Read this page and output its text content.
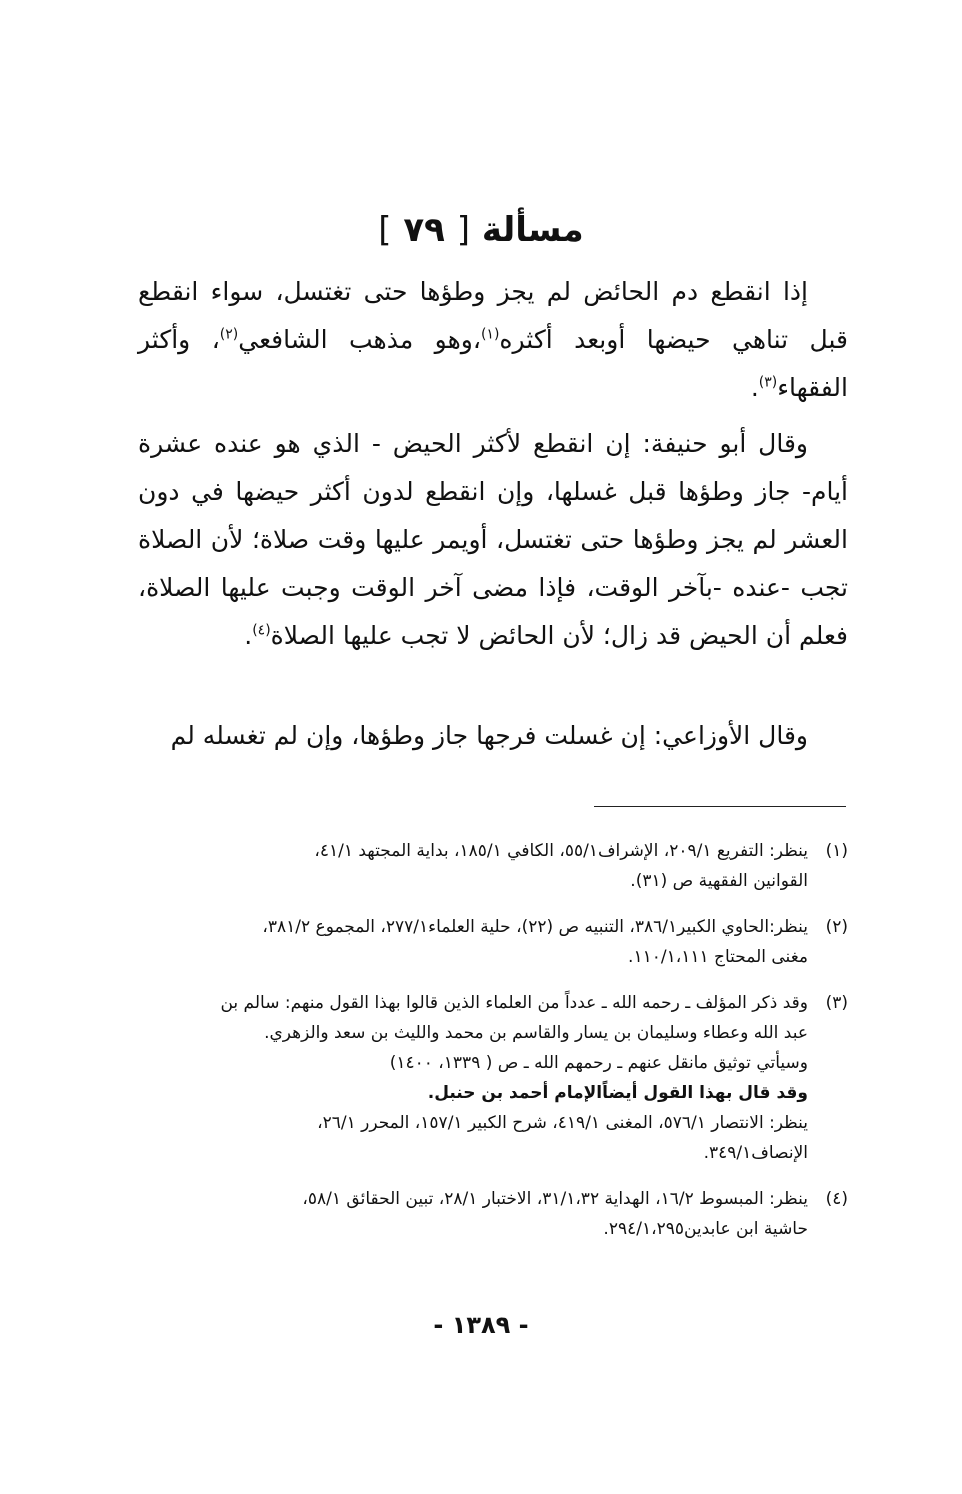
مسألة [ ٧٩ ]
إذا انقطع دم الحائض لم يجز وطؤها حتى تغتسل، سواء انقطع قبل تناهي حيضها أوبعد أكثره$^{(١)}$،وهو مذهب الشافعي$^{(٢)}$، وأكثر الفقهاء$^{(٣)}$.
وقال أبو حنيفة: إن انقطع لأكثر الحيض - الذي هو عنده عشرة أيام- جاز وطؤها قبل غسلها، وإن انقطع لدون أكثر حيضها في دون العشر لم يجز وطؤها حتى تغتسل، أويمر عليها وقت صلاة؛ لأن الصلاة تجب -عنده -بآخر الوقت، فإذا مضى آخر الوقت وجبت عليها الصلاة، فعلم أن الحيض قد زال؛ لأن الحائض لا تجب عليها الصلاة$^{(٤)}$.
وقال الأوزاعي: إن غسلت فرجها جاز وطؤها، وإن لم تغسله لم
(١)
ينظر: التفريع ٢٠٩/١، الإشراف٥٥/١، الكافي ١٨٥/١، بداية المجتهد ٤١/١،
القوانين الفقهية ص (٣١).
(٢)
ينظر:الحاوي الكبير٣٨٦/١، التنبيه ص (٢٢)، حلية العلماء٢٧٧/١، المجموع ٣٨١/٢،
مغنى المحتاج ١١٠/١،١١١.
(٣)
وقد ذكر المؤلف ـ رحمه الله ـ عدداً من العلماء الذين قالوا بهذا القول منهم: سالم بن
عبد الله وعطاء وسليمان بن يسار والقاسم بن محمد والليث بن سعد والزهري.
وسيأتي توثيق مانقل عنهم ـ رحمهم الله ـ ص ( ١٣٣٩، ١٤٠٠)
وقد قال بهذا القول أيضاًالإمام أحمد بن حنبل.
ينظر: الانتصار ٥٧٦/١، المغنى ٤١٩/١، شرح الكبير ١٥٧/١، المحرر ٢٦/١،
الإنصاف٣٤٩/١.
(٤)
ينظر: المبسوط ١٦/٢، الهداية ٣١/١،٣٢، الاختبار ٢٨/١، تبين الحقائق ٥٨/١،
حاشية ابن عابدين٢٩٤/١،٢٩٥.
- ١٣٨٩ -
